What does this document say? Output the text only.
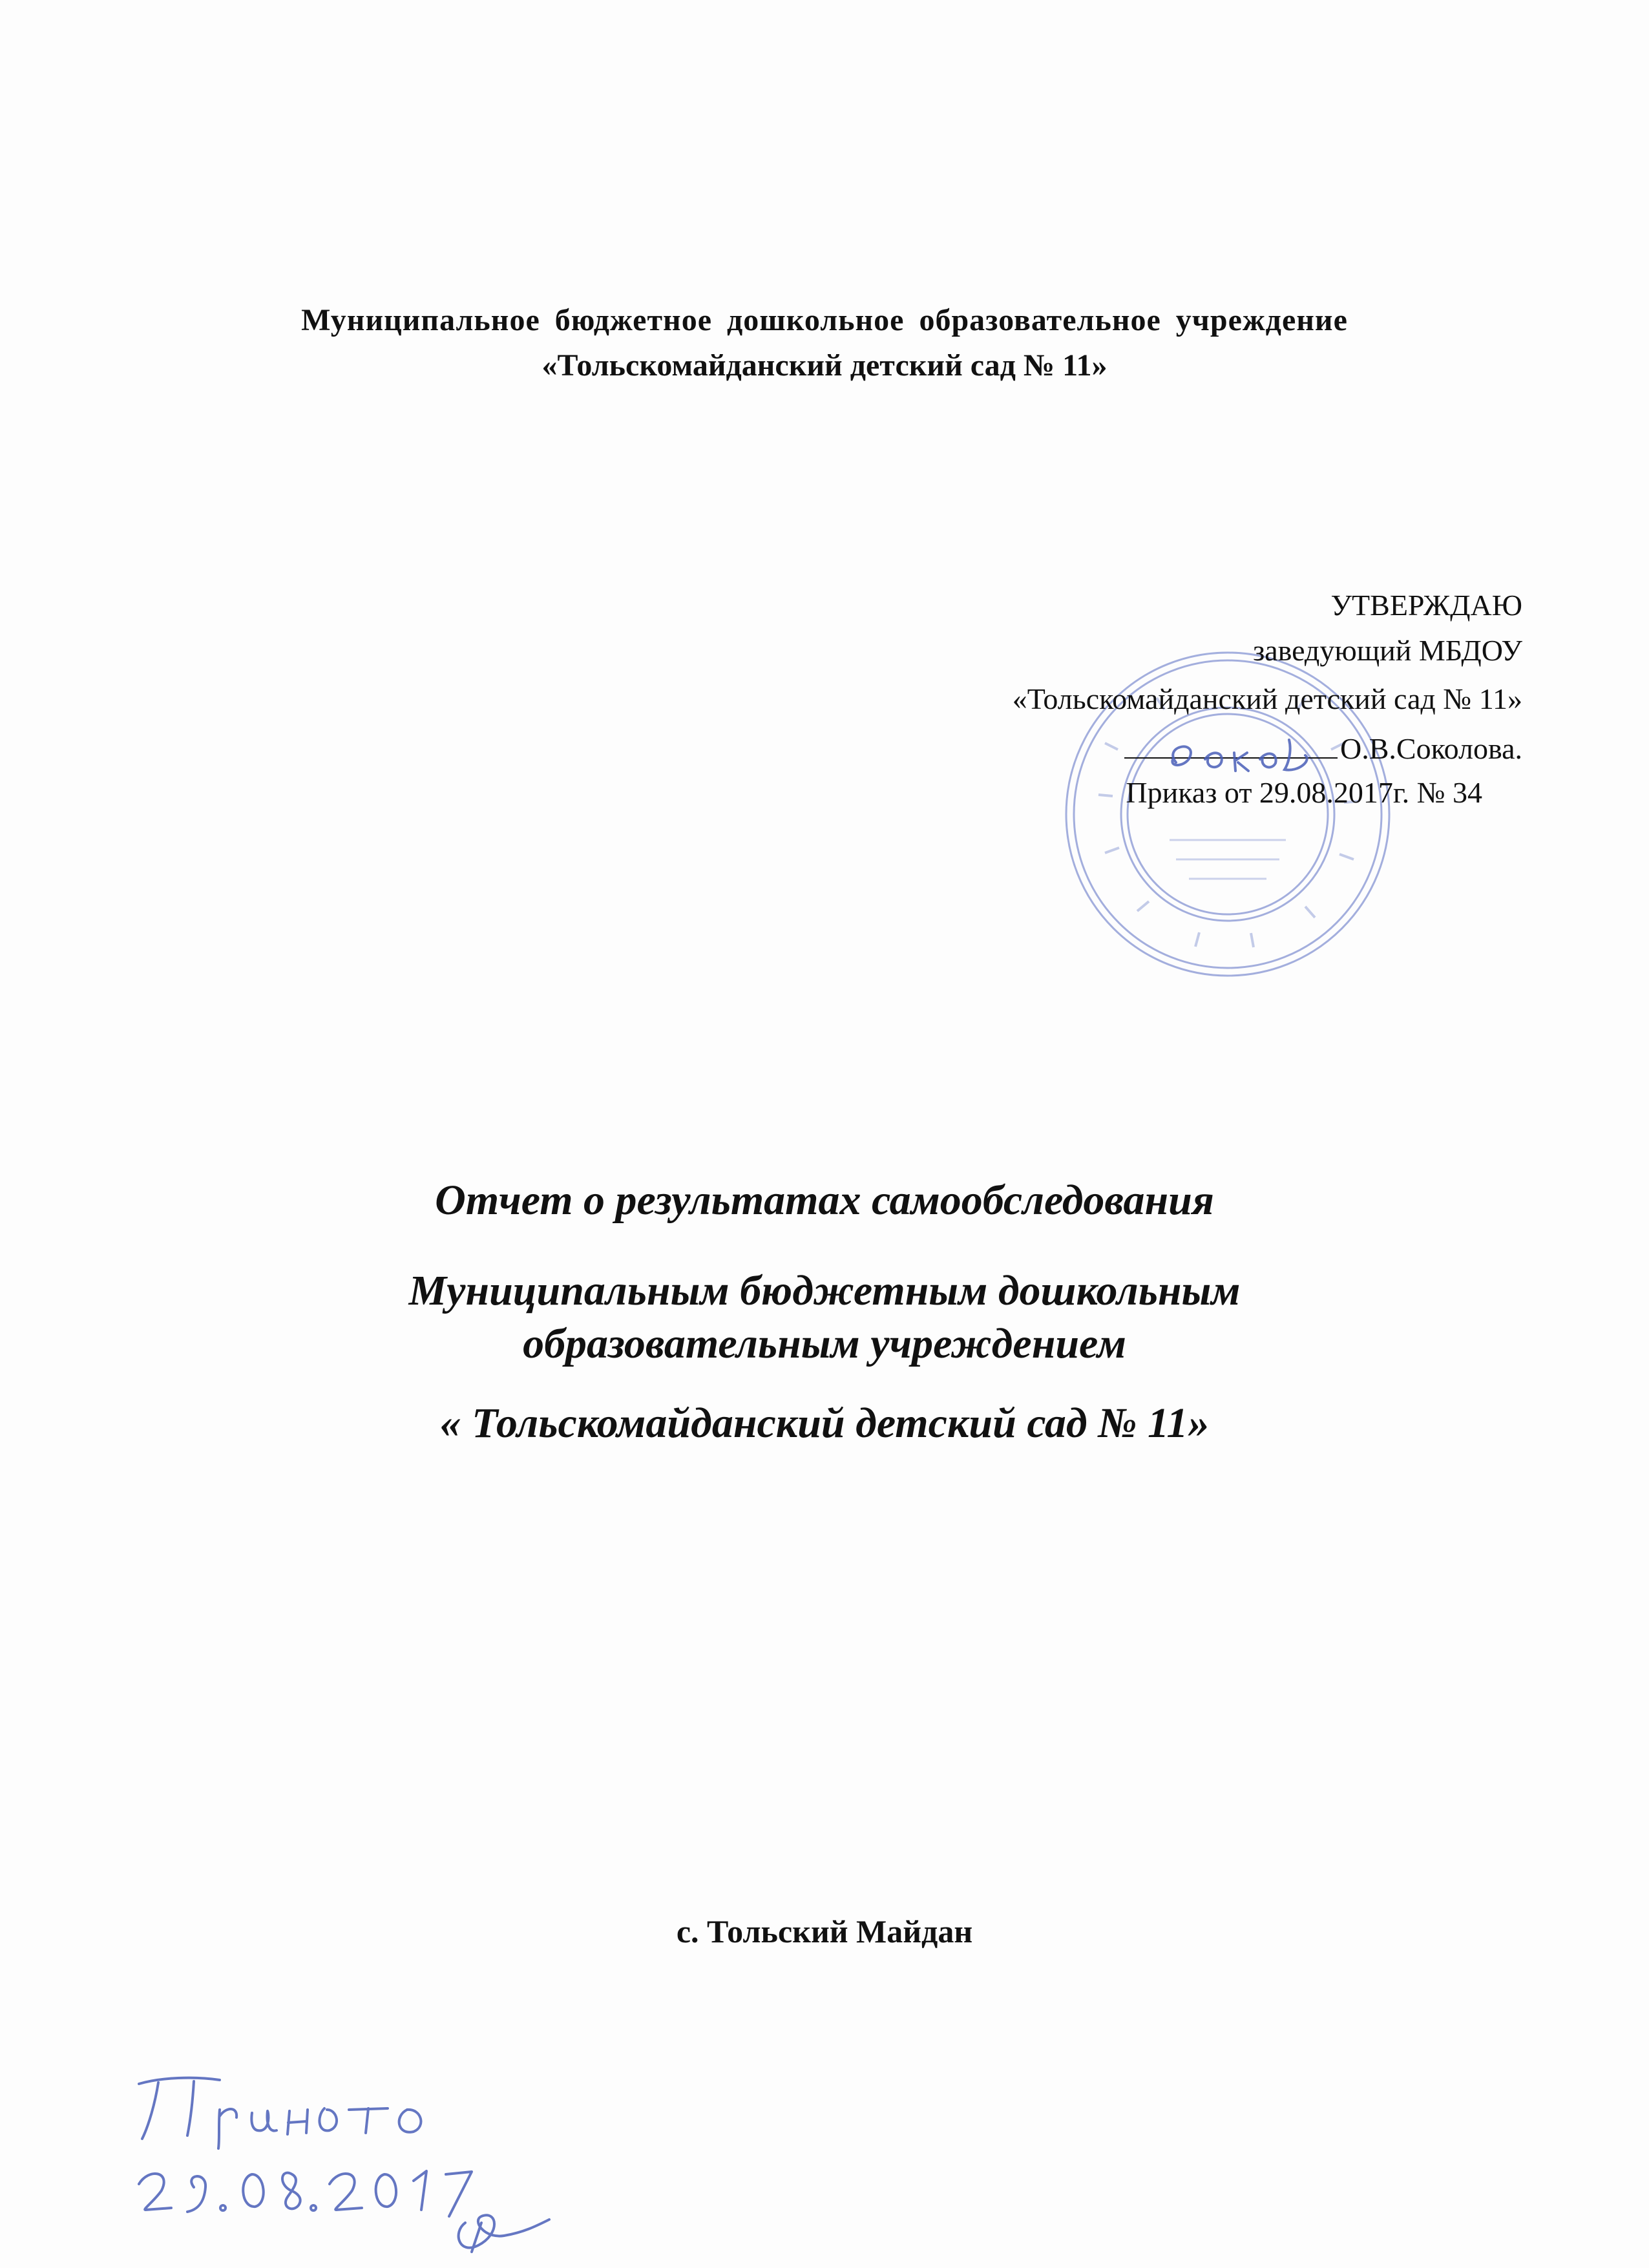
Муниципальное бюджетное дошкольное образовательное учреждение
«Тольскомайданский детский сад № 11»
УТВЕРЖДАЮ
заведующий МБДОУ
«Тольскомайданский детский сад № 11»
О.В.Соколова.
Приказ от 29.08.2017г. № 34
Отчет о результатах самообследования
Муниципальным бюджетным дошкольным
образовательным учреждением
« Тольскомайданский детский сад № 11»
с. Тольский Майдан
